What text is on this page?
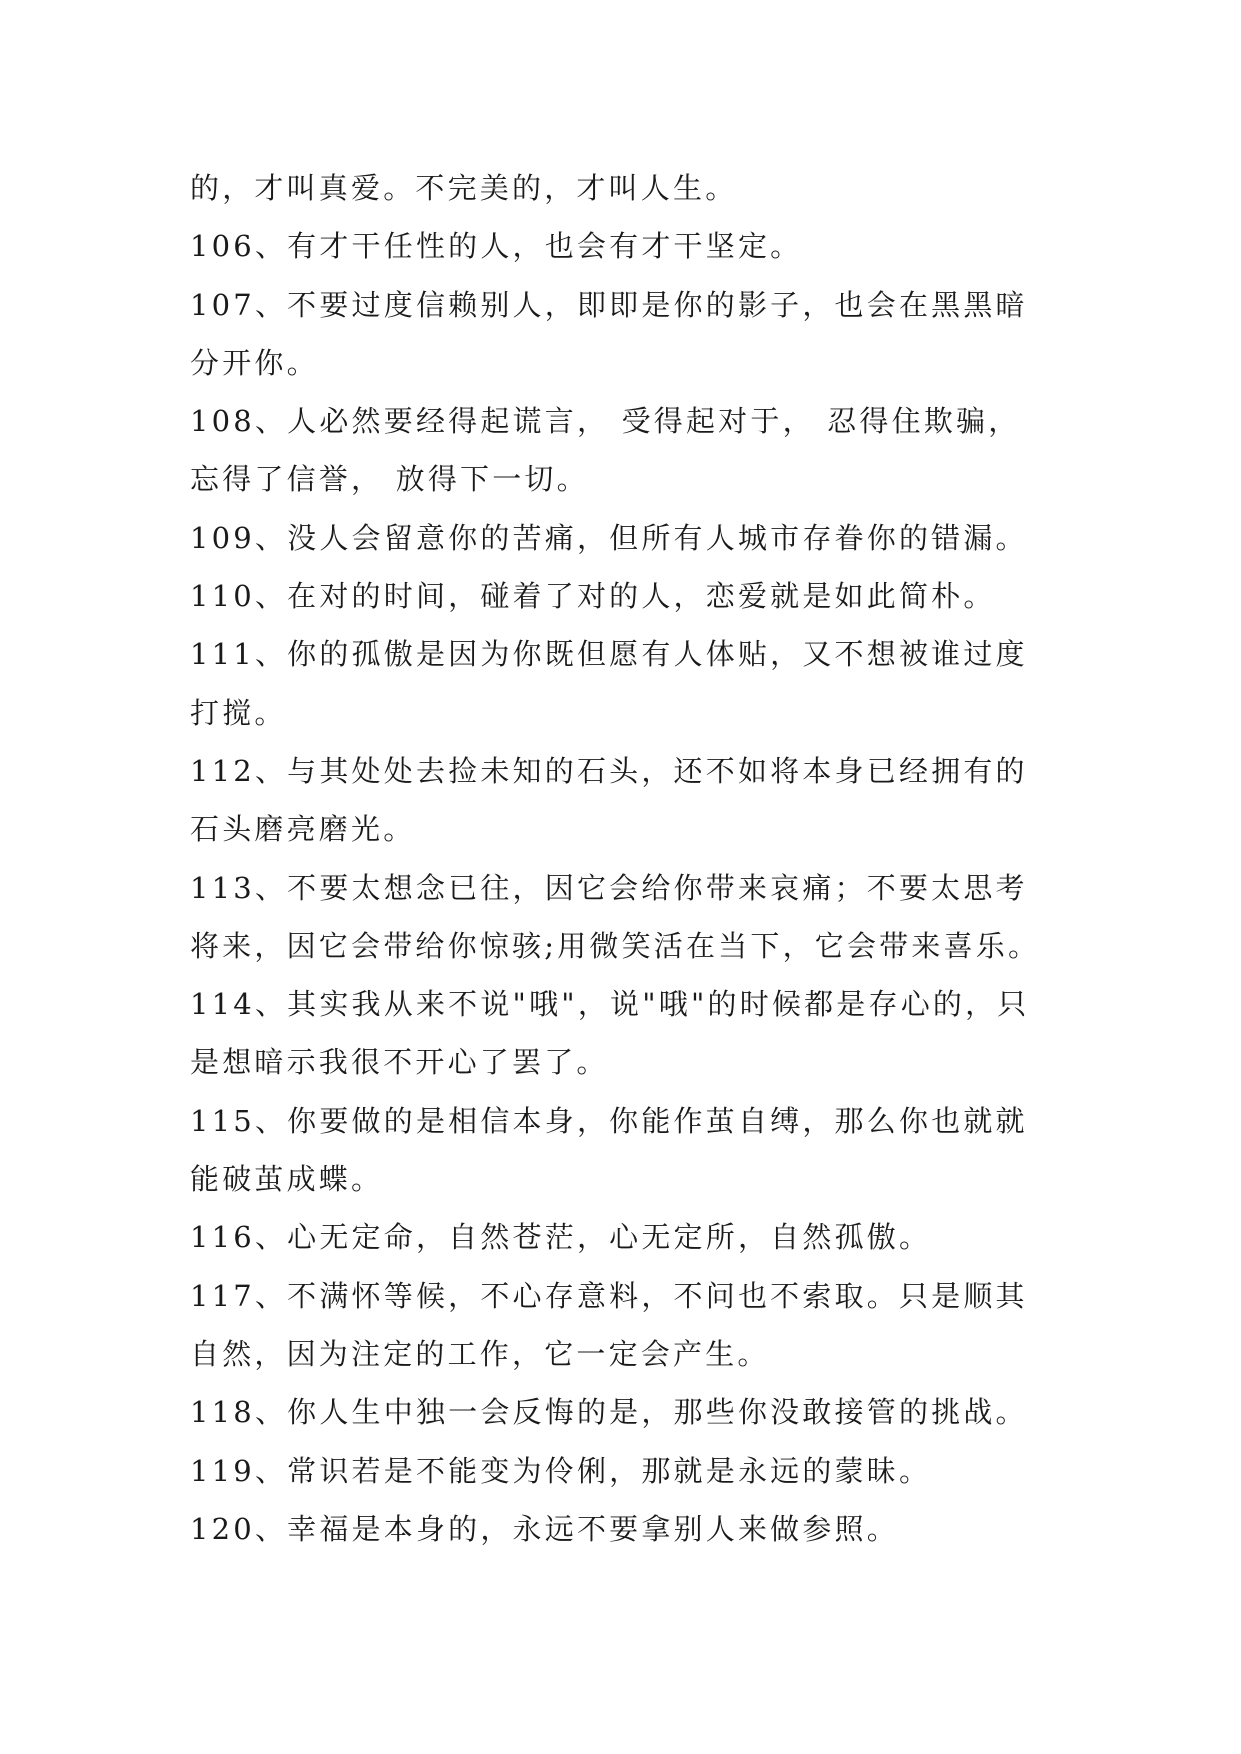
的，才叫真爱。不完美的，才叫人生。
106、有才干任性的人，也会有才干坚定。
107、不要过度信赖别人，即即是你的影子，也会在黑黑暗
分开你。
108、人必然要经得起谎言， 受得起对于， 忍得住欺骗，
忘得了信誉， 放得下一切。
109、没人会留意你的苦痛，但所有人城市存眷你的错漏。
110、在对的时间，碰着了对的人，恋爱就是如此简朴。
111、你的孤傲是因为你既但愿有人体贴，又不想被谁过度
打搅。
112、与其处处去捡未知的石头，还不如将本身已经拥有的
石头磨亮磨光。
113、不要太想念已往，因它会给你带来哀痛；不要太思考
将来，因它会带给你惊骇;用微笑活在当下，它会带来喜乐。
114、其实我从来不说"哦"，说"哦"的时候都是存心的，只
是想暗示我很不开心了罢了。
115、你要做的是相信本身，你能作茧自缚，那么你也就就
能破茧成蝶。
116、心无定命，自然苍茫，心无定所，自然孤傲。
117、不满怀等候，不心存意料，不问也不索取。只是顺其
自然，因为注定的工作，它一定会产生。
118、你人生中独一会反悔的是，那些你没敢接管的挑战。
119、常识若是不能变为伶俐，那就是永远的蒙昧。
120、幸福是本身的，永远不要拿别人来做参照。
